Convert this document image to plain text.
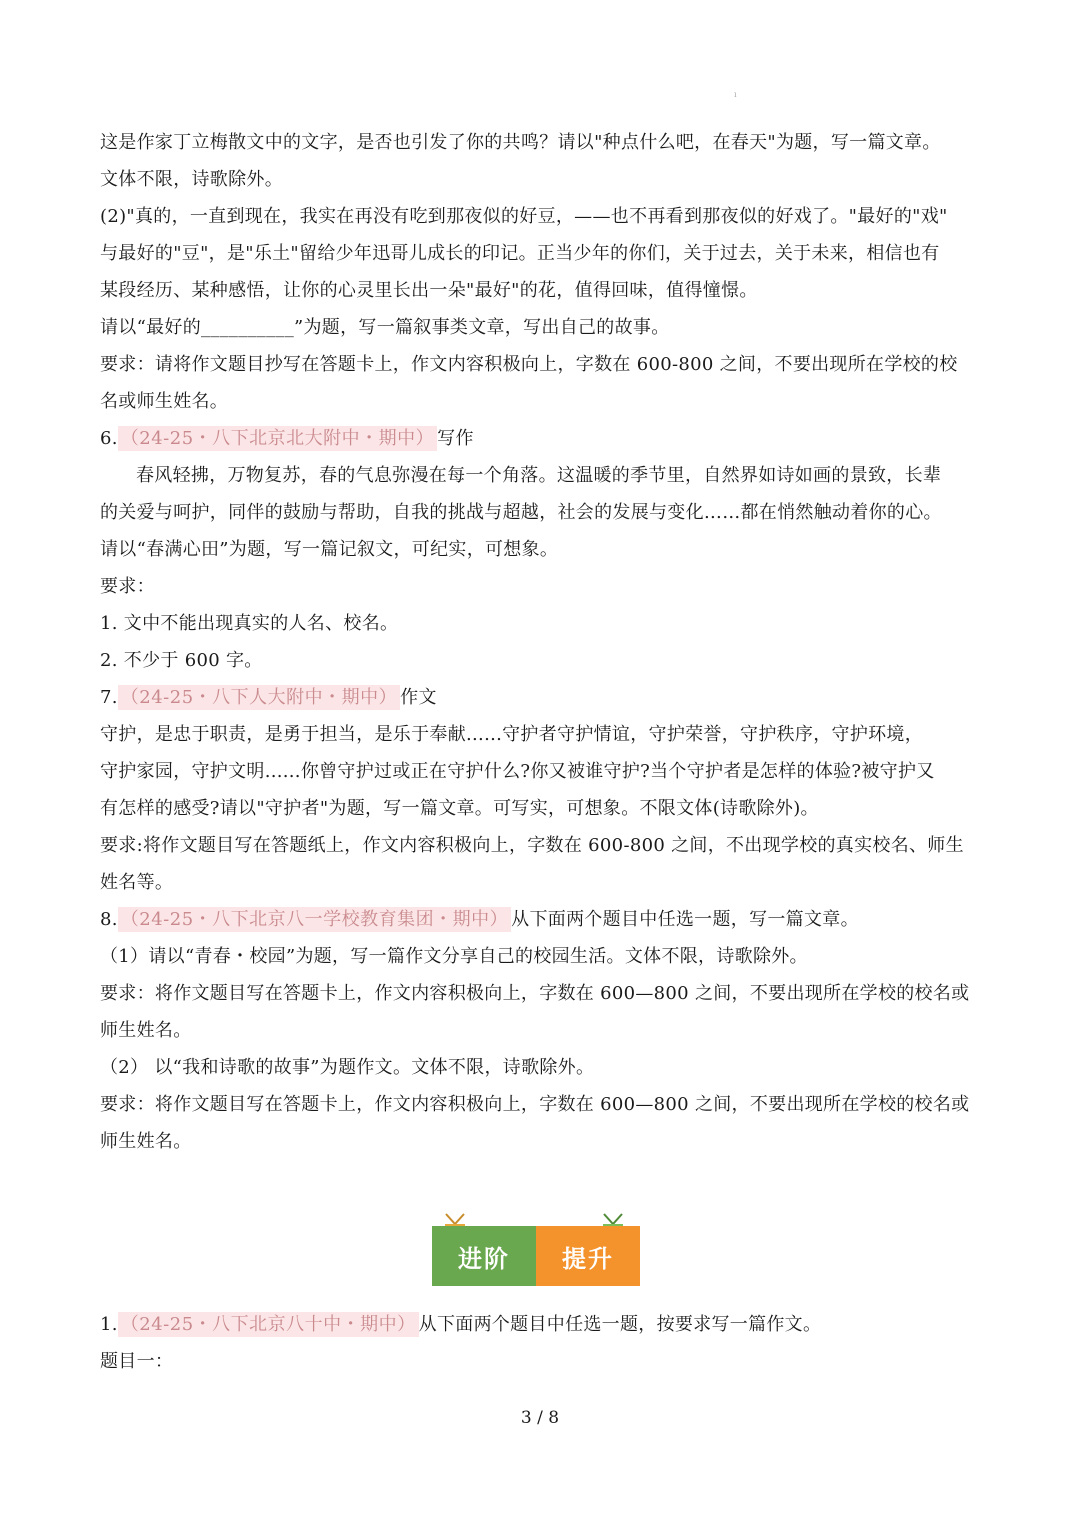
ı
这是作家丁立梅散文中的文字，是否也引发了你的共鸣？请以"种点什么吧，在春天"为题，写一篇文章。
文体不限，诗歌除外。
(2)"真的，一直到现在，我实在再没有吃到那夜似的好豆，——也不再看到那夜似的好戏了。"最好的"戏"
与最好的"豆"，是"乐土"留给少年迅哥儿成长的印记。正当少年的你们，关于过去，关于未来，相信也有
某段经历、某种感悟，让你的心灵里长出一朵"最好"的花，值得回味，值得憧憬。
请以“最好的__________”为题，写一篇叙事类文章，写出自己的故事。
要求：请将作文题目抄写在答题卡上，作文内容积极向上，字数在 600-800 之间，不要出现所在学校的校
名或师生姓名。
6. （24-25・八下北京北大附中・期中） 写作
春风轻拂，万物复苏，春的气息弥漫在每一个角落。这温暖的季节里，自然界如诗如画的景致，长辈
的关爱与呵护，同伴的鼓励与帮助，自我的挑战与超越，社会的发展与变化……都在悄然触动着你的心。
请以“春满心田”为题，写一篇记叙文，可纪实，可想象。
要求：
1. 文中不能出现真实的人名、校名。
2. 不少于 600 字。
7. （24-25・八下人大附中・期中） 作文
守护，是忠于职责，是勇于担当，是乐于奉献......守护者守护情谊，守护荣誉，守护秩序，守护环境，
守护家园，守护文明......你曾守护过或正在守护什么?你又被谁守护?当个守护者是怎样的体验?被守护又
有怎样的感受?请以"守护者"为题，写一篇文章。可写实，可想象。不限文体(诗歌除外)。
要求:将作文题目写在答题纸上，作文内容积极向上，字数在 600-800 之间，不出现学校的真实校名、师生
姓名等。
8. （24-25・八下北京八一学校教育集团・期中） 从下面两个题目中任选一题，写一篇文章。
（1）请以“青春・校园”为题，写一篇作文分享自己的校园生活。文体不限，诗歌除外。
要求：将作文题目写在答题卡上，作文内容积极向上，字数在 600—800 之间，不要出现所在学校的校名或
师生姓名。
（2） 以“我和诗歌的故事”为题作文。文体不限，诗歌除外。
要求：将作文题目写在答题卡上，作文内容积极向上，字数在 600—800 之间，不要出现所在学校的校名或
师生姓名。
进阶	提升
1. （24-25・八下北京八十中・期中） 从下面两个题目中任选一题，按要求写一篇作文。
题目一：
3 / 8
